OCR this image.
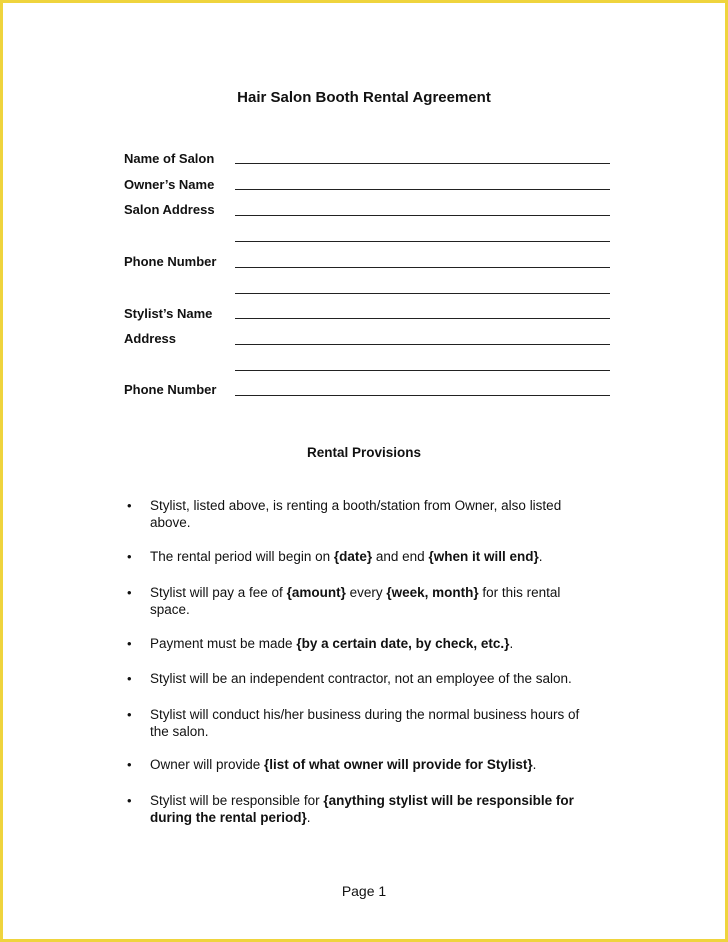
Hair Salon Booth Rental Agreement
Name of Salon
Owner’s Name
Salon Address
Phone Number
Stylist’s Name
Address
Phone Number
Rental Provisions
•	Stylist, listed above, is renting a booth/station from Owner, also listed above.
•	The rental period will begin on {date} and end {when it will end}.
•	Stylist will pay a fee of {amount} every {week, month} for this rental space.
•	Payment must be made {by a certain date, by check, etc.}.
•	Stylist will be an independent contractor, not an employee of the salon.
•	Stylist will conduct his/her business during the normal business hours of the salon.
•	Owner will provide {list of what owner will provide for Stylist}.
•	Stylist will be responsible for {anything stylist will be responsible for during the rental period}.
Page 1
